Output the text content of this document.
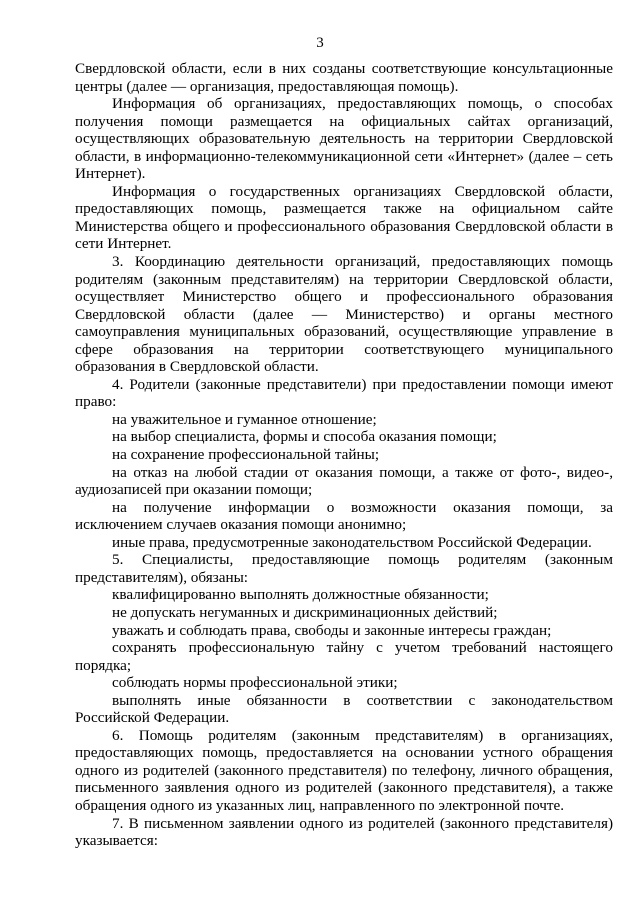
3

Свердловской области, если в них созданы соответствующие консультационные центры (далее — организация, предоставляющая помощь).

Информация об организациях, предоставляющих помощь, о способах получения помощи размещается на официальных сайтах организаций, осуществляющих образовательную деятельность на территории Свердловской области, в информационно-телекоммуникационной сети «Интернет» (далее – сеть Интернет).

Информация о государственных организациях Свердловской области, предоставляющих помощь, размещается также на официальном сайте Министерства общего и профессионального образования Свердловской области в сети Интернет.

3. Координацию деятельности организаций, предоставляющих помощь родителям (законным представителям) на территории Свердловской области, осуществляет Министерство общего и профессионального образования Свердловской области (далее — Министерство) и органы местного самоуправления муниципальных образований, осуществляющие управление в сфере образования на территории соответствующего муниципального образования в Свердловской области.

4. Родители (законные представители) при предоставлении помощи имеют право:

на уважительное и гуманное отношение;

на выбор специалиста, формы и способа оказания помощи;

на сохранение профессиональной тайны;

на отказ на любой стадии от оказания помощи, а также от фото-, видео-, аудиозаписей при оказании помощи;

на получение информации о возможности оказания помощи, за исключением случаев оказания помощи анонимно;

иные права, предусмотренные законодательством Российской Федерации.

5. Специалисты, предоставляющие помощь родителям (законным представителям), обязаны:

квалифицированно выполнять должностные обязанности;

не допускать негуманных и дискриминационных действий;

уважать и соблюдать права, свободы и законные интересы граждан;

сохранять профессиональную тайну с учетом требований настоящего порядка;

соблюдать нормы профессиональной этики;

выполнять иные обязанности в соответствии с законодательством Российской Федерации.

6. Помощь родителям (законным представителям) в организациях, предоставляющих помощь, предоставляется на основании устного обращения одного из родителей (законного представителя) по телефону, личного обращения, письменного заявления одного из родителей (законного представителя), а также обращения одного из указанных лиц, направленного по электронной почте.

7. В письменном заявлении одного из родителей (законного представителя) указывается:
